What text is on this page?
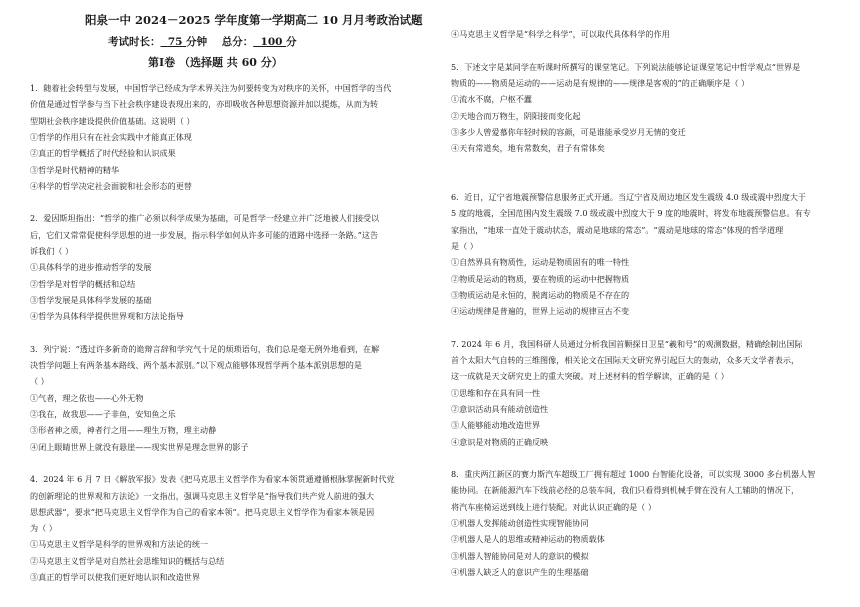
阳泉一中 2024－2025 学年度第一学期高二 10 月月考政治试题
考试时长： 75 分钟 总分： 100 分
第Ⅰ卷 （选择题 共 60 分）
1．随着社会转型与发展，中国哲学已经成为学术界关注为何要转变为对秩序的关怀，中国哲学的当代
价值是通过哲学参与当下社会秩序建设表现出来的，亦即吸收各种思想资源并加以提炼，从而为转
型期社会秩序建设提供价值基础。这说明（ ）
①哲学的作用只有在社会实践中才能真正体现
②真正的哲学概括了时代经验和认识成果
③哲学是时代精神的精华
④科学的哲学决定社会面貌和社会形态的更替
2．爱因斯坦指出：“哲学的推广必须以科学成果为基础，可是哲学一经建立并广泛地被人们接受以
后，它们又常常促使科学思想的进一步发展，指示科学如何从许多可能的道路中选择一条路。”这告
诉我们（ ）
①具体科学的进步推动哲学的发展
②哲学是对哲学的概括和总结
③哲学发展是具体科学发展的基础
④哲学为具体科学提供世界观和方法论指导
3．列宁说：“透过许多新奇的诡辩言辞和学究气十足的烦琐语句，我们总是毫无例外地看到，在解
决哲学问题上有两条基本路线、两个基本派别。”以下观点能够体现哲学两个基本派别思想的是
（ ）
①气者，理之依也——心外无物
②我在，故我思——子非鱼，安知鱼之乐
③形者神之质，神者行之用——理生万物，理主动静
④闭上眼睛世界上就没有悬崖——现实世界是理念世界的影子
4．2024 年 6 月 7 日《解放军报》发表《把马克思主义哲学作为看家本领贯通遵循根脉掌握新时代党
的创新理论的世界观和方法论》一文指出，强调马克思主义哲学是“指导我们共产党人前进的强大
思想武器”，要求“把马克思主义哲学作为自己的看家本领”。把马克思主义哲学作为看家本领是因
为（ ）
①马克思主义哲学是科学的世界观和方法论的统一
②马克思主义哲学是对自然社会思维知识的概括与总结
③真正的哲学可以使我们更好地认识和改造世界
④马克思主义哲学是“科学之科学”，可以取代具体科学的作用
5．下述文字是某同学在听课时所撰写的课堂笔记。下列说法能够论证课堂笔记中哲学观点“世界是
物质的——物质是运动的——运动是有规律的——规律是客观的”的正确顺序是（ ）
①流水不腐，户枢不蠹
②天地合而万物生，阴阳接而变化起
③多少人曾爱慕你年轻时候的容颜，可是谁能承受岁月无情的变迁
④天有常道矣，地有常数矣，君子有常体矣
6．近日，辽宁省地震预警信息服务正式开通。当辽宁省及周边地区发生震级 4.0 级或震中烈度大于
5 度的地震，全国范围内发生震级 7.0 级或震中烈度大于 9 度的地震时，将发布地震预警信息。有专
家指出，“地球一直处于震动状态，震动是地球的常态”。“震动是地球的常态”体现的哲学道理
是（ ）
①自然界具有物质性，运动是物质固有的唯一特性
②物质是运动的物质，要在物质的运动中把握物质
③物质运动是永恒的，脱离运动的物质是不存在的
④运动规律是普遍的，世界上运动的规律亘古不变
7. 2024 年 6 月，我国科研人员通过分析我国首颗探日卫星“羲和号”的观测数据，精确绘制出国际
首个太阳大气自转的三维图像，相关论文在国际天文研究界引起巨大的轰动，众多天文学者表示，
这一成就是天文研究史上的重大突破。对上述材料的哲学解读，正确的是（ ）
①思维和存在具有同一性
②意识活动具有能动创造性
③人能够能动地改造世界
④意识是对物质的正确反映
8．重庆两江新区的赛力斯汽车超级工厂拥有超过 1000 台智能化设备，可以实现 3000 多台机器人智
能协同。在新能源汽车下线前必经的总装车间，我们只看得到机械手臂在没有人工辅助的情况下，
将汽车座椅运送到线上进行装配。对此认识正确的是（ ）
①机器人发挥能动创造性实现智能协同
②机器人是人的思维或精神运动的物质载体
③机器人智能协同是对人的意识的模拟
④机器人缺乏人的意识产生的生理基础
